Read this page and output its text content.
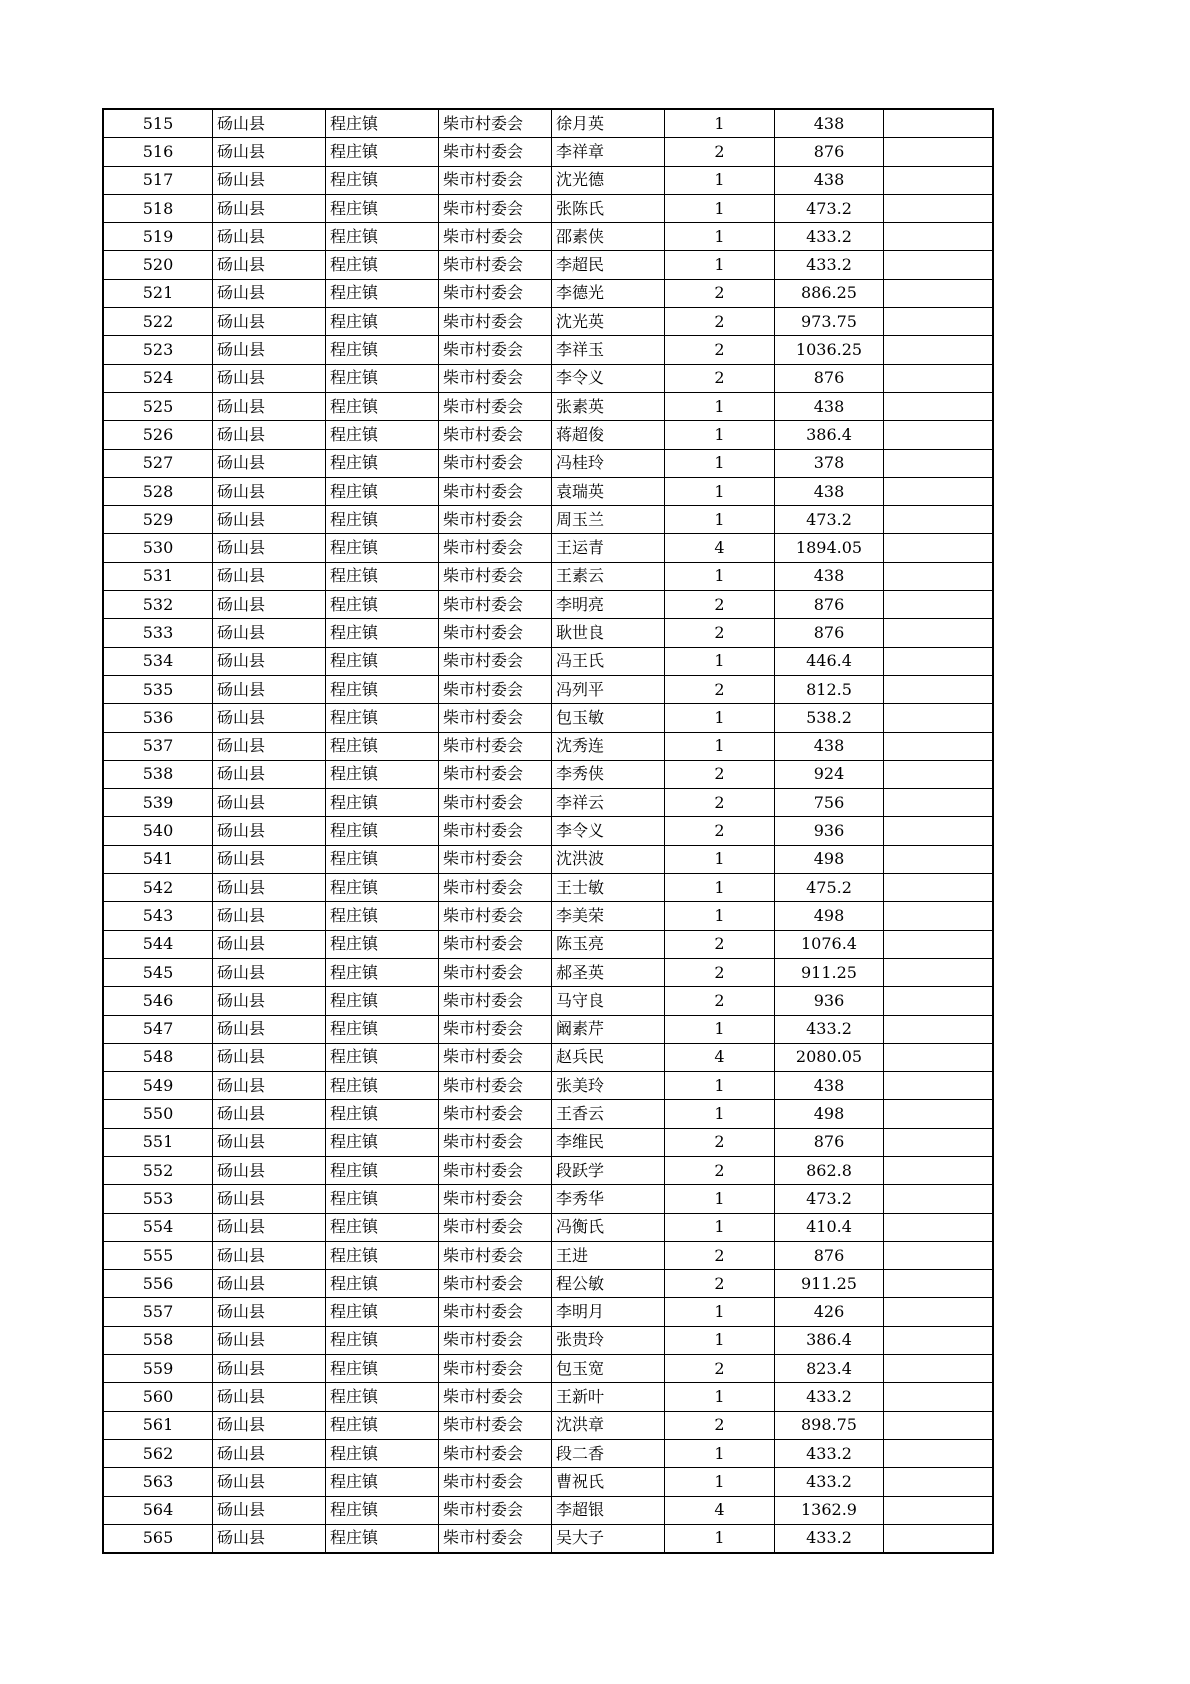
515	砀山县	程庄镇	柴市村委会	徐月英	1	438	
516	砀山县	程庄镇	柴市村委会	李祥章	2	876	
517	砀山县	程庄镇	柴市村委会	沈光德	1	438	
518	砀山县	程庄镇	柴市村委会	张陈氏	1	473.2	
519	砀山县	程庄镇	柴市村委会	邵素侠	1	433.2	
520	砀山县	程庄镇	柴市村委会	李超民	1	433.2	
521	砀山县	程庄镇	柴市村委会	李德光	2	886.25	
522	砀山县	程庄镇	柴市村委会	沈光英	2	973.75	
523	砀山县	程庄镇	柴市村委会	李祥玉	2	1036.25	
524	砀山县	程庄镇	柴市村委会	李令义	2	876	
525	砀山县	程庄镇	柴市村委会	张素英	1	438	
526	砀山县	程庄镇	柴市村委会	蒋超俊	1	386.4	
527	砀山县	程庄镇	柴市村委会	冯桂玲	1	378	
528	砀山县	程庄镇	柴市村委会	袁瑞英	1	438	
529	砀山县	程庄镇	柴市村委会	周玉兰	1	473.2	
530	砀山县	程庄镇	柴市村委会	王运青	4	1894.05	
531	砀山县	程庄镇	柴市村委会	王素云	1	438	
532	砀山县	程庄镇	柴市村委会	李明亮	2	876	
533	砀山县	程庄镇	柴市村委会	耿世良	2	876	
534	砀山县	程庄镇	柴市村委会	冯王氏	1	446.4	
535	砀山县	程庄镇	柴市村委会	冯列平	2	812.5	
536	砀山县	程庄镇	柴市村委会	包玉敏	1	538.2	
537	砀山县	程庄镇	柴市村委会	沈秀连	1	438	
538	砀山县	程庄镇	柴市村委会	李秀侠	2	924	
539	砀山县	程庄镇	柴市村委会	李祥云	2	756	
540	砀山县	程庄镇	柴市村委会	李令义	2	936	
541	砀山县	程庄镇	柴市村委会	沈洪波	1	498	
542	砀山县	程庄镇	柴市村委会	王士敏	1	475.2	
543	砀山县	程庄镇	柴市村委会	李美荣	1	498	
544	砀山县	程庄镇	柴市村委会	陈玉亮	2	1076.4	
545	砀山县	程庄镇	柴市村委会	郝圣英	2	911.25	
546	砀山县	程庄镇	柴市村委会	马守良	2	936	
547	砀山县	程庄镇	柴市村委会	阚素芹	1	433.2	
548	砀山县	程庄镇	柴市村委会	赵兵民	4	2080.05	
549	砀山县	程庄镇	柴市村委会	张美玲	1	438	
550	砀山县	程庄镇	柴市村委会	王香云	1	498	
551	砀山县	程庄镇	柴市村委会	李维民	2	876	
552	砀山县	程庄镇	柴市村委会	段跃学	2	862.8	
553	砀山县	程庄镇	柴市村委会	李秀华	1	473.2	
554	砀山县	程庄镇	柴市村委会	冯衡氏	1	410.4	
555	砀山县	程庄镇	柴市村委会	王进	2	876	
556	砀山县	程庄镇	柴市村委会	程公敏	2	911.25	
557	砀山县	程庄镇	柴市村委会	李明月	1	426	
558	砀山县	程庄镇	柴市村委会	张贵玲	1	386.4	
559	砀山县	程庄镇	柴市村委会	包玉宽	2	823.4	
560	砀山县	程庄镇	柴市村委会	王新叶	1	433.2	
561	砀山县	程庄镇	柴市村委会	沈洪章	2	898.75	
562	砀山县	程庄镇	柴市村委会	段二香	1	433.2	
563	砀山县	程庄镇	柴市村委会	曹祝氏	1	433.2	
564	砀山县	程庄镇	柴市村委会	李超银	4	1362.9	
565	砀山县	程庄镇	柴市村委会	吴大子	1	433.2	
